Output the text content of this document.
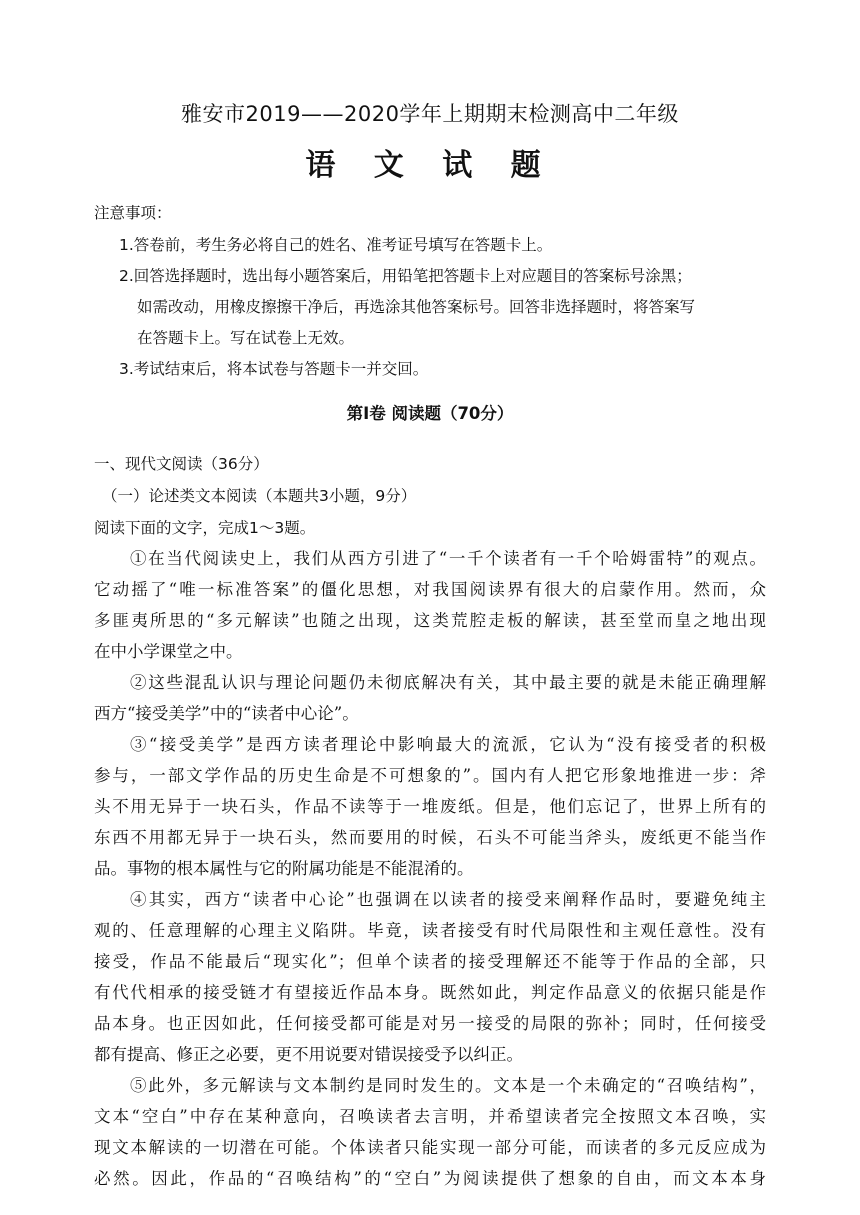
雅安市2019——2020学年上期期末检测高中二年级
语 文 试 题
注意事项：
1.答卷前，考生务必将自己的姓名、准考证号填写在答题卡上。
2.回答选择题时，选出每小题答案后，用铅笔把答题卡上对应题目的答案标号涂黑；
如需改动，用橡皮擦擦干净后，再选涂其他答案标号。回答非选择题时，将答案写
在答题卡上。写在试卷上无效。
3.考试结束后，将本试卷与答题卡一并交回。
第Ⅰ卷 阅读题（70分）
一、现代文阅读（36分）
（一）论述类文本阅读（本题共3小题，9分）
阅读下面的文字，完成1～3题。
①在当代阅读史上，我们从西方引进了“一千个读者有一千个哈姆雷特”的观点。
它动摇了“唯一标准答案”的僵化思想，对我国阅读界有很大的启蒙作用。然而，众
多匪夷所思的“多元解读”也随之出现，这类荒腔走板的解读，甚至堂而皇之地出现
在中小学课堂之中。
②这些混乱认识与理论问题仍未彻底解决有关，其中最主要的就是未能正确理解
西方“接受美学”中的“读者中心论”。
③“接受美学”是西方读者理论中影响最大的流派，它认为“没有接受者的积极
参与，一部文学作品的历史生命是不可想象的”。国内有人把它形象地推进一步：斧
头不用无异于一块石头，作品不读等于一堆废纸。但是，他们忘记了，世界上所有的
东西不用都无异于一块石头，然而要用的时候，石头不可能当斧头，废纸更不能当作
品。事物的根本属性与它的附属功能是不能混淆的。
④其实，西方“读者中心论”也强调在以读者的接受来阐释作品时，要避免纯主
观的、任意理解的心理主义陷阱。毕竟，读者接受有时代局限性和主观任意性。没有
接受，作品不能最后“现实化”；但单个读者的接受理解还不能等于作品的全部，只
有代代相承的接受链才有望接近作品本身。既然如此，判定作品意义的依据只能是作
品本身。也正因如此，任何接受都可能是对另一接受的局限的弥补；同时，任何接受
都有提高、修正之必要，更不用说要对错误接受予以纠正。
⑤此外，多元解读与文本制约是同时发生的。文本是一个未确定的“召唤结构”，
文本“空白”中存在某种意向，召唤读者去言明，并希望读者完全按照文本召唤，实
现文本解读的一切潜在可能。个体读者只能实现一部分可能，而读者的多元反应成为
必然。因此，作品的“召唤结构”的“空白”为阅读提供了想象的自由，而文本本身
